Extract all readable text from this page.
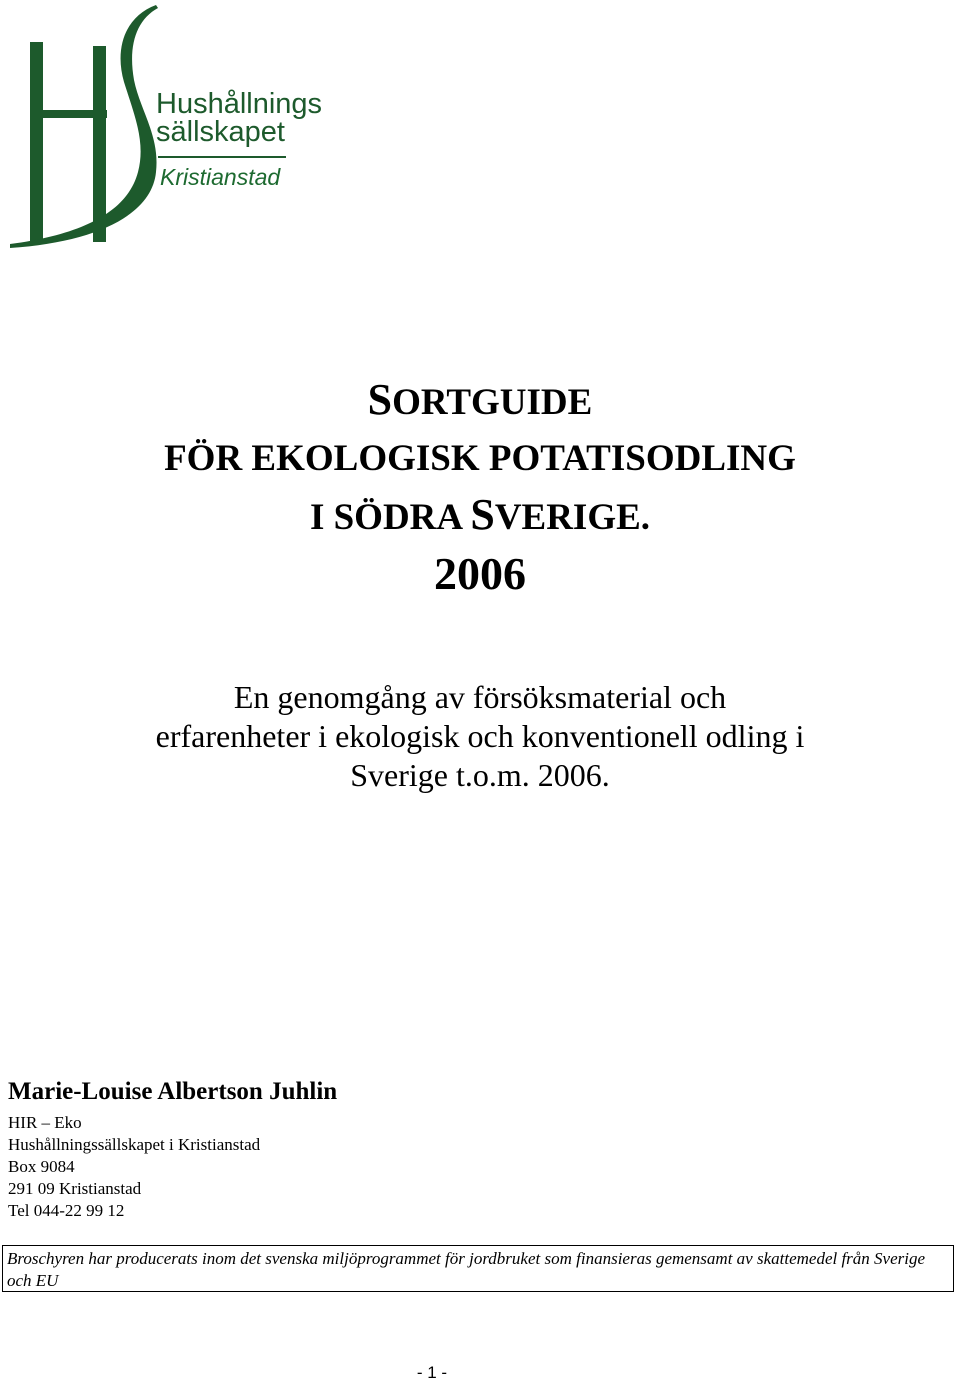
Hushållnings
sällskapet
Kristianstad
SORTGUIDE
FÖR EKOLOGISK POTATISODLING
I SÖDRA SVERIGE.
2006
En genomgång av försöksmaterial och
erfarenheter i ekologisk och konventionell odling i
Sverige t.o.m. 2006.
Marie-Louise Albertson Juhlin
HIR – Eko
Hushållningssällskapet i Kristianstad
Box 9084
291 09 Kristianstad
Tel 044-22 99 12
Broschyren har producerats inom det svenska miljöprogrammet för jordbruket som finansieras gemensamt av skattemedel från Sverige och EU
- 1 -
